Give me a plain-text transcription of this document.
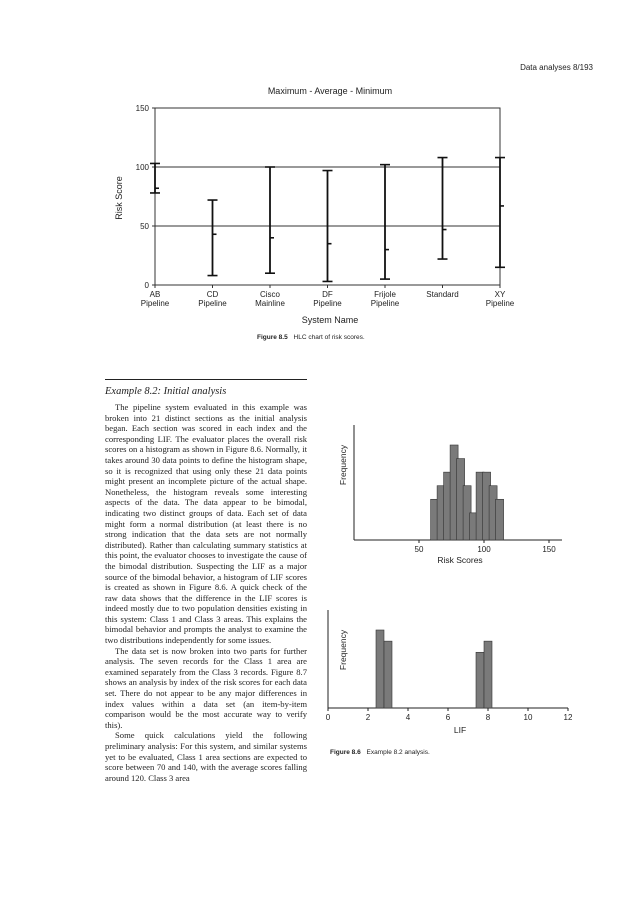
Data analyses 8/193
Maximum - Average - Minimum
0
50
100
150
AB
Pipeline
CD
Pipeline
Cisco
Mainline
DF
Pipeline
Frijole
Pipeline
Standard	XY
Pipeline
System Name
Risk Score
Figure 8.5 HLC chart of risk scores.
Example 8.2: Initial analysis

The pipeline system evaluated in this example was broken into 21 distinct sections as the initial analysis began. Each section was scored in each index and the corresponding LIF. The evaluator places the overall risk scores on a histogram as shown in Figure 8.6. Normally, it takes around 30 data points to define the histogram shape, so it is recognized that using only these 21 data points might present an incomplete picture of the actual shape. Nonetheless, the histogram reveals some interesting aspects of the data. The data appear to be bimodal, indicating two distinct groups of data. Each set of data might form a normal distribution (at least there is no strong indication that the data sets are not normally distributed). Rather than calculating summary statistics at this point, the evaluator chooses to investigate the cause of the bimodal distribution. Suspecting the LIF as a major source of the bimodal behavior, a histogram of LIF scores is created as shown in Figure 8.6. A quick check of the raw data shows that the difference in the LIF scores is indeed mostly due to two population densities existing in this system: Class 1 and Class 3 areas. This explains the bimodal behavior and prompts the analyst to examine the two distributions independently for some issues.

The data set is now broken into two parts for further analysis. The seven records for the Class 1 area are examined separately from the Class 3 records. Figure 8.7 shows an analysis by index of the risk scores for each data set. There do not appear to be any major differences in index values within a data set (an item-by-item comparison would be the most accurate way to verify this).

Some quick calculations yield the following preliminary analysis: For this system, and similar systems yet to be evaluated, Class 1 area sections are expected to score between 70 and 140, with the average scores falling around 120. Class 3 area

50	100	150
Risk Scores
Frequency
0	2	4	6	8	10	12
LIF
Frequency
Figure 8.6 Example 8.2 analysis.
